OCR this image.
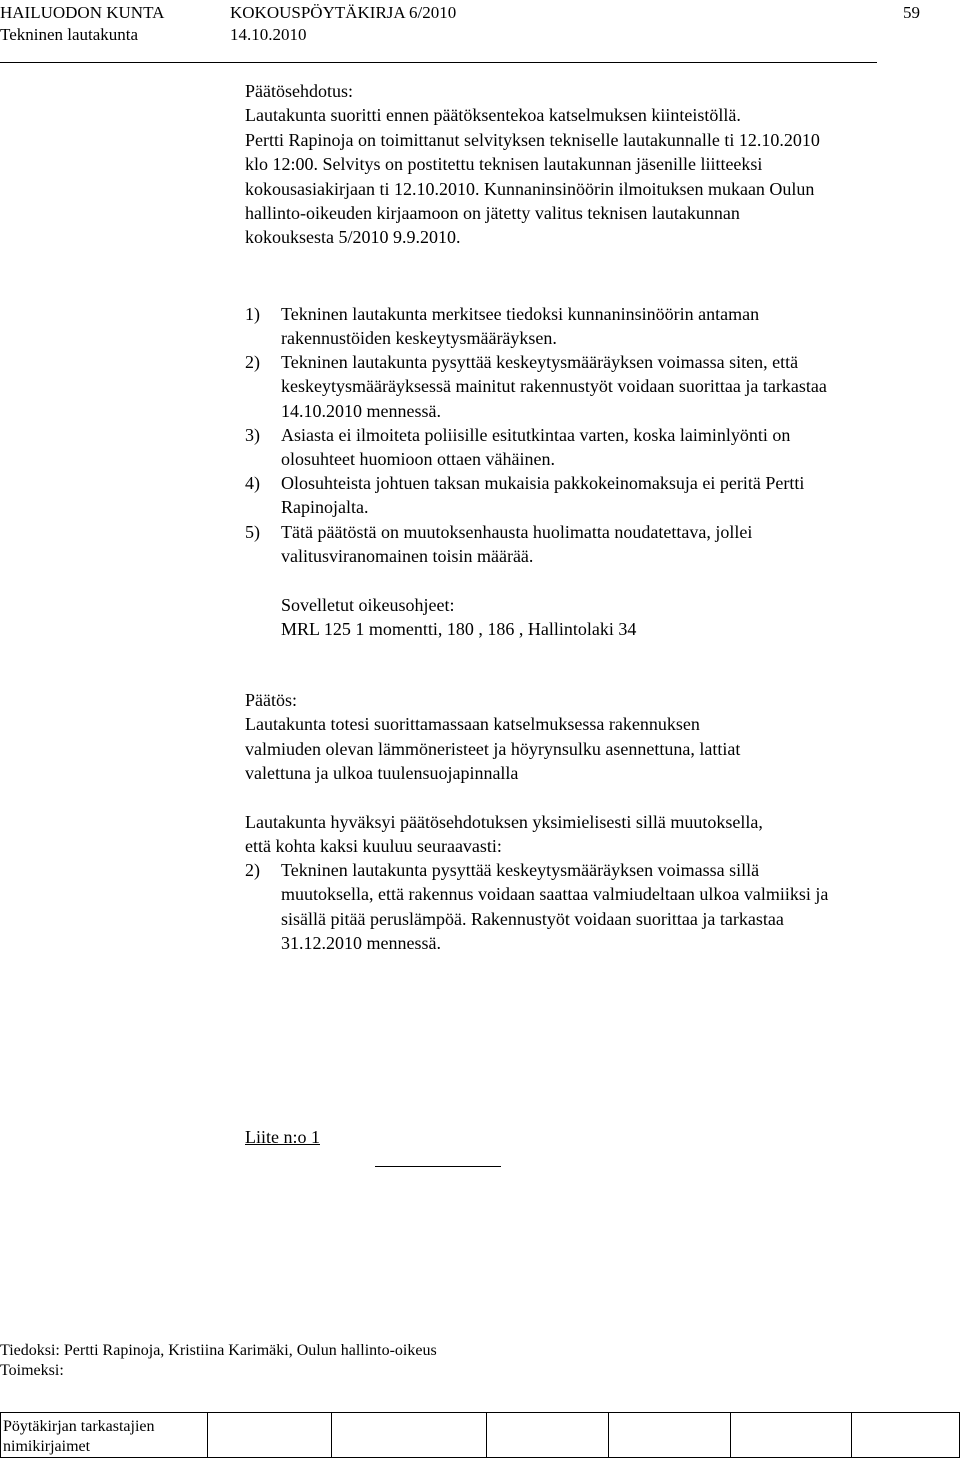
HAILUODON KUNTA	KOKOUSPÖYTÄKIRJA 6/2010	59
Tekninen lautakunta	14.10.2010
Päätösehdotus:
Lautakunta suoritti ennen päätöksentekoa katselmuksen kiinteistöllä.
Pertti Rapinoja on toimittanut selvityksen tekniselle lautakunnalle ti 12.10.2010
klo 12:00. Selvitys on postitettu teknisen lautakunnan jäsenille liitteeksi
kokousasiakirjaan ti 12.10.2010. Kunnaninsinöörin ilmoituksen mukaan Oulun
hallinto-oikeuden kirjaamoon on jätetty valitus teknisen lautakunnan
kokouksesta 5/2010 9.9.2010.
1) Tekninen lautakunta merkitsee tiedoksi kunnaninsinöörin antaman
rakennustöiden keskeytysmääräyksen.
2) Tekninen lautakunta pysyttää keskeytysmääräyksen voimassa siten, että
keskeytysmääräyksessä mainitut rakennustyöt voidaan suorittaa ja tarkastaa
14.10.2010 mennessä.
3) Asiasta ei ilmoiteta poliisille esitutkintaa varten, koska laiminlyönti on
olosuhteet huomioon ottaen vähäinen.
4) Olosuhteista johtuen taksan mukaisia pakkokeinomaksuja ei peritä Pertti
Rapinojalta.
5) Tätä päätöstä on muutoksenhausta huolimatta noudatettava, jollei
valitusviranomainen toisin määrää.
Sovelletut oikeusohjeet:
MRL 125 1 momentti, 180 , 186 , Hallintolaki 34
Päätös:
Lautakunta totesi suorittamassaan katselmuksessa rakennuksen
valmiuden olevan lämmöneristeet ja höyrynsulku asennettuna, lattiat
valettuna ja ulkoa tuulensuojapinnalla
Lautakunta hyväksyi päätösehdotuksen yksimielisesti sillä muutoksella,
että kohta kaksi kuuluu seuraavasti:
2) Tekninen lautakunta pysyttää keskeytysmääräyksen voimassa sillä
muutoksella, että rakennus voidaan saattaa valmiudeltaan ulkoa valmiiksi ja
sisällä pitää peruslämpöä. Rakennustyöt voidaan suorittaa ja tarkastaa
31.12.2010 mennessä.
Liite n:o 1
Tiedoksi: Pertti Rapinoja, Kristiina Karimäki, Oulun hallinto-oikeus
Toimeksi:
Pöytäkirjan tarkastajien
nimikirjaimet
